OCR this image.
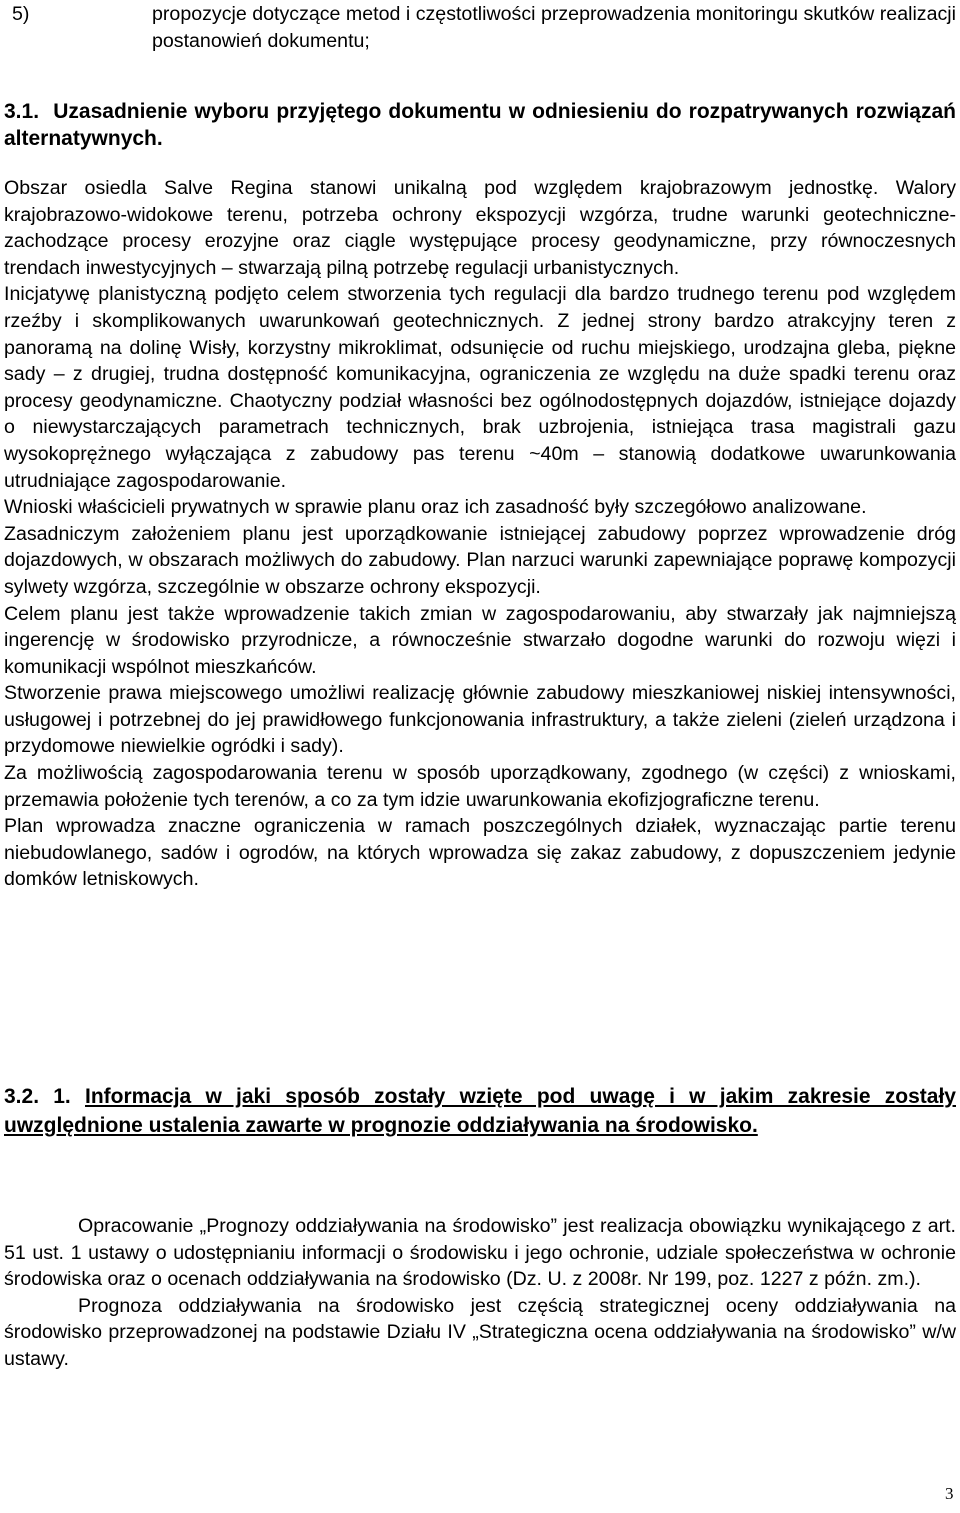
5)	propozycje dotyczące metod i częstotliwości przeprowadzenia monitoringu skutków realizacji postanowień dokumentu;
3.1. Uzasadnienie wyboru przyjętego dokumentu w odniesieniu do rozpatrywanych rozwiązań alternatywnych.

Obszar osiedla Salve Regina stanowi unikalną pod względem krajobrazowym jednostkę. Walory krajobrazowo-widokowe terenu, potrzeba ochrony ekspozycji wzgórza, trudne warunki geotechniczne- zachodzące procesy erozyjne oraz ciągle występujące procesy geodynamiczne, przy równoczesnych trendach inwestycyjnych – stwarzają pilną potrzebę regulacji urbanistycznych.

Inicjatywę planistyczną podjęto celem stworzenia tych regulacji dla bardzo trudnego terenu pod względem rzeźby i skomplikowanych uwarunkowań geotechnicznych. Z jednej strony bardzo atrakcyjny teren z panoramą na dolinę Wisły, korzystny mikroklimat, odsunięcie od ruchu miejskiego, urodzajna gleba, piękne sady – z drugiej, trudna dostępność komunikacyjna, ograniczenia ze względu na duże spadki terenu oraz procesy geodynamiczne. Chaotyczny podział własności bez ogólnodostępnych dojazdów, istniejące dojazdy o niewystarczających parametrach technicznych, brak uzbrojenia, istniejąca trasa magistrali gazu wysokoprężnego wyłączająca z zabudowy pas terenu ~40m – stanowią dodatkowe uwarunkowania utrudniające zagospodarowanie.

Wnioski właścicieli prywatnych w sprawie planu oraz ich zasadność były szczegółowo analizowane.

Zasadniczym założeniem planu jest uporządkowanie istniejącej zabudowy poprzez wprowadzenie dróg dojazdowych, w obszarach możliwych do zabudowy. Plan narzuci warunki zapewniające poprawę kompozycji sylwety wzgórza, szczególnie w obszarze ochrony ekspozycji.

Celem planu jest także wprowadzenie takich zmian w zagospodarowaniu, aby stwarzały jak najmniejszą ingerencję w środowisko przyrodnicze, a równocześnie stwarzało dogodne warunki do rozwoju więzi i komunikacji wspólnot mieszkańców.

Stworzenie prawa miejscowego umożliwi realizację głównie zabudowy mieszkaniowej niskiej intensywności, usługowej i potrzebnej do jej prawidłowego funkcjonowania infrastruktury, a także zieleni (zieleń urządzona i przydomowe niewielkie ogródki i sady).

Za możliwością zagospodarowania terenu w sposób uporządkowany, zgodnego (w części) z wnioskami, przemawia położenie tych terenów, a co za tym idzie uwarunkowania ekofizjograficzne terenu.

Plan wprowadza znaczne ograniczenia w ramach poszczególnych działek, wyznaczając partie terenu niebudowlanego, sadów i ogrodów, na których wprowadza się zakaz zabudowy, z dopuszczeniem jedynie domków letniskowych.

3.2. 1. Informacja w jaki sposób zostały wzięte pod uwagę i w jakim zakresie zostały uwzględnione ustalenia zawarte w prognozie oddziaływania na środowisko.

Opracowanie „Prognozy oddziaływania na środowisko” jest realizacja obowiązku wynikającego z art. 51 ust. 1 ustawy o udostępnianiu informacji o środowisku i jego ochronie, udziale społeczeństwa w ochronie środowiska oraz o ocenach oddziaływania na środowisko (Dz. U. z 2008r. Nr 199, poz. 1227 z późn. zm.).

Prognoza oddziaływania na środowisko jest częścią strategicznej oceny oddziaływania na środowisko przeprowadzonej na podstawie Działu IV „Strategiczna ocena oddziaływania na środowisko” w/w ustawy.

3
